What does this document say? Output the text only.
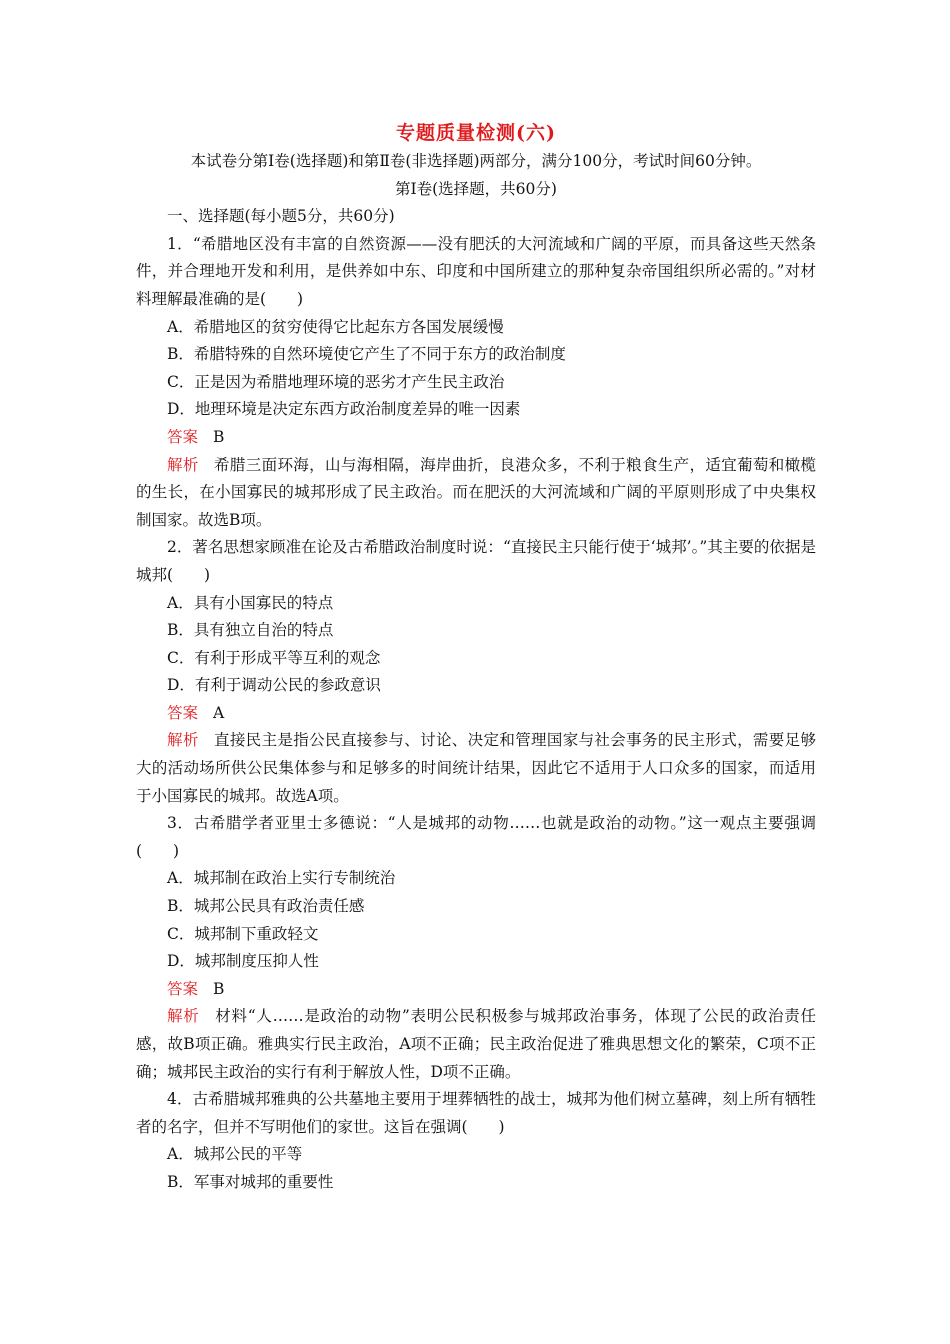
专题质量检测(六)

本试卷分第Ⅰ卷(选择题)和第Ⅱ卷(非选择题)两部分，满分100分，考试时间60分钟。

第Ⅰ卷(选择题，共60分)

一、选择题(每小题5分，共60分)

1．“希腊地区没有丰富的自然资源——没有肥沃的大河流域和广阔的平原，而具备这些天然条件，并合理地开发和利用，是供养如中东、印度和中国所建立的那种复杂帝国组织所必需的。”对材料理解最准确的是(　　)

A．希腊地区的贫穷使得它比起东方各国发展缓慢

B．希腊特殊的自然环境使它产生了不同于东方的政治制度

C．正是因为希腊地理环境的恶劣才产生民主政治

D．地理环境是决定东西方政治制度差异的唯一因素

答案 B

解析 希腊三面环海，山与海相隔，海岸曲折，良港众多，不利于粮食生产，适宜葡萄和橄榄的生长，在小国寡民的城邦形成了民主政治。而在肥沃的大河流域和广阔的平原则形成了中央集权制国家。故选B项。

2．著名思想家顾准在论及古希腊政治制度时说：“直接民主只能行使于‘城邦’。”其主要的依据是城邦(　　)

A．具有小国寡民的特点

B．具有独立自治的特点

C．有利于形成平等互利的观念

D．有利于调动公民的参政意识

答案 A

解析 直接民主是指公民直接参与、讨论、决定和管理国家与社会事务的民主形式，需要足够大的活动场所供公民集体参与和足够多的时间统计结果，因此它不适用于人口众多的国家，而适用于小国寡民的城邦。故选A项。

3．古希腊学者亚里士多德说：“人是城邦的动物……也就是政治的动物。”这一观点主要强调(　　)

A．城邦制在政治上实行专制统治

B．城邦公民具有政治责任感

C．城邦制下重政轻文

D．城邦制度压抑人性

答案 B

解析 材料“人……是政治的动物”表明公民积极参与城邦政治事务，体现了公民的政治责任感，故B项正确。雅典实行民主政治，A项不正确；民主政治促进了雅典思想文化的繁荣，C项不正确；城邦民主政治的实行有利于解放人性，D项不正确。

4．古希腊城邦雅典的公共墓地主要用于埋葬牺牲的战士，城邦为他们树立墓碑，刻上所有牺牲者的名字，但并不写明他们的家世。这旨在强调(　　)

A．城邦公民的平等

B．军事对城邦的重要性
